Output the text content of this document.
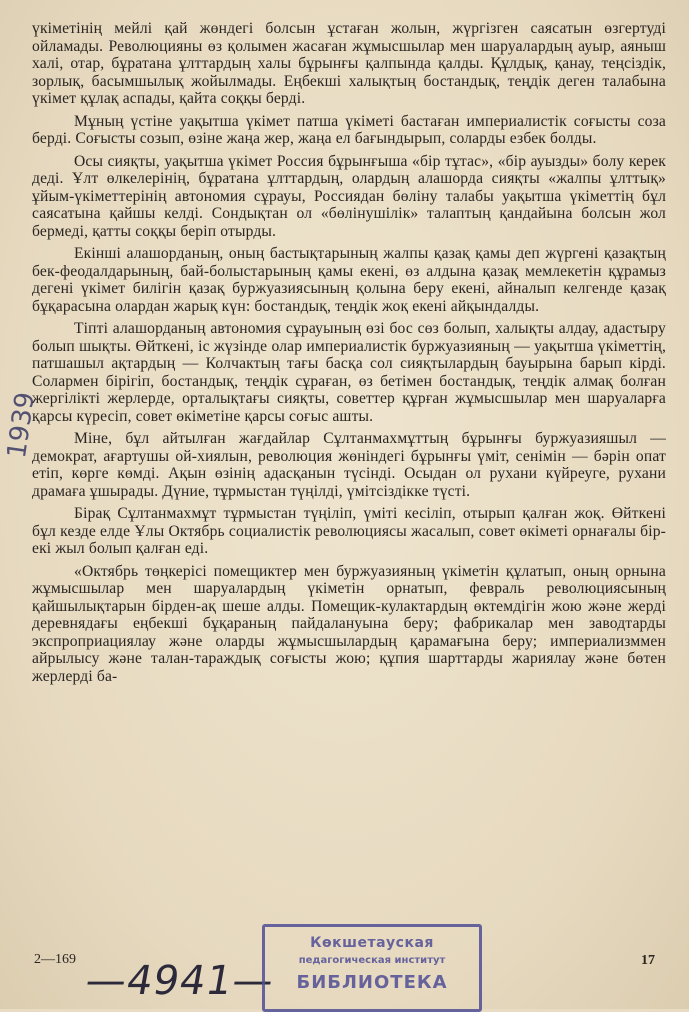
үкіметінің мейлі қай жөндегі болсын ұстаған жолын, жүргізген саясатын өзгертуді ойламады. Революцияны өз қолымен жасаған жұмысшылар мен шаруалардың ауыр, аяныш халі, отар, бұратана ұлттардың халы бұрынғы қалпында қалды. Құлдық, қанау, теңсіздік, зорлық, басымшылық жойылмады. Еңбекші халықтың бостандық, теңдік деген талабына үкімет құлақ аспады, қайта соққы берді.

Мұның үстіне уақытша үкімет патша үкіметі бастаған империалистік соғысты соза берді. Соғысты созып, өзіне жаңа жер, жаңа ел бағындырып, соларды езбек болды.

Осы сияқты, уақытша үкімет Россия бұрынғыша «бір тұтас», «бір ауызды» болу керек деді. Ұлт өлкелерінің, бұратана ұлттардың, олардың алашорда сияқты «жалпы ұлттық» ұйым-үкіметтерінің автономия сұрауы, Россиядан бөліну талабы уақытша үкіметтің бұл саясатына қайшы келді. Сондықтан ол «бөлінушілік» талаптың қандайына болсын жол бермеді, қатты соққы беріп отырды.

Екінші алашорданың, оның бастықтарының жалпы қазақ қамы деп жүргені қазақтың бек-феодалдарының, бай-болыстарының қамы екені, өз алдына қазақ мемлекетін құрамыз дегені үкімет билігін қазақ буржуазиясының қолына беру екені, айналып келгенде қазақ бұқарасына олардан жарық күн: бостандық, теңдік жоқ екені айқындалды.

Тіпті алашорданың автономия сұрауының өзі бос сөз болып, халықты алдау, адастыру болып шықты. Өйткені, іс жүзінде олар империалистік буржуазияның — уақытша үкіметтің, патшашыл ақтардың — Колчактың тағы басқа сол сияқтылардың бауырына барып кірді. Солармен бірігіп, бостандық, теңдік сұраған, өз бетімен бостандық, теңдік алмақ болған жергілікті жерлерде, орталықтағы сияқты, советтер құрған жұмысшылар мен шаруаларға қарсы күресіп, совет өкіметіне қарсы соғыс ашты.

Міне, бұл айтылған жағдайлар Сұлтанмахмұттың бұрынғы буржуазияшыл — демократ, ағартушы ой-хиялын, революция жөніндегі бұрынғы үміт, сенімін — бәрін опат етіп, көрге көмді. Ақын өзінің адасқанын түсінді. Осыдан ол рухани күйреуге, рухани драмаға ұшырады. Дүние, тұрмыстан түңілді, үмітсіздікке түсті.

Бірақ Сұлтанмахмұт тұрмыстан түңіліп, үміті кесіліп, отырып қалған жоқ. Өйткені бұл кезде елде Ұлы Октябрь социалистік революциясы жасалып, совет өкіметі орнағалы бір-екі жыл болып қалған еді.

«Октябрь төңкерісі помещиктер мен буржуазияның үкіметін құлатып, оның орнына жұмысшылар мен шаруалардың үкіметін орнатып, февраль революциясының қайшылықтарын бірден-ақ шеше алды. Помещик-кулактардың өктемдігін жою және жерді деревнядағы еңбекші бұқараның пайдалануына беру; фабрикалар мен заводтарды экспроприациялау және оларды жұмысшылардың қарамағына беру; империализммен айрылысу және талан-тараждық соғысты жою; құпия шарттарды жариялау және бөтен жерлерді ба-

1939
2—169 —4941—
Көкшетауская
педагогическая институт
БИБЛИОТЕКА
17
